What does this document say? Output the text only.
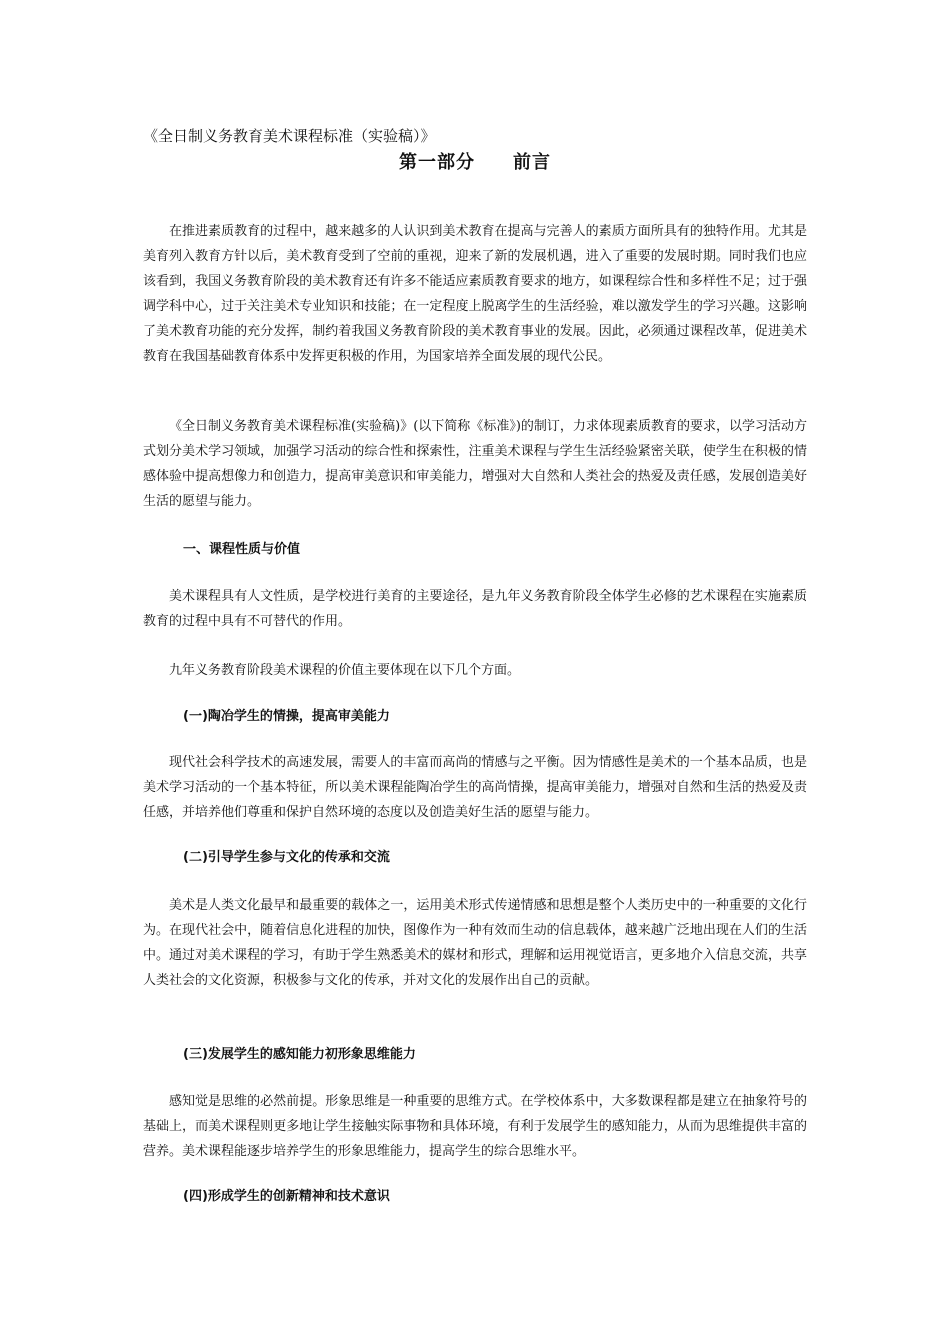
《全日制义务教育美术课程标准（实验稿）》
第一部分　　前言

在推进素质教育的过程中，越来越多的人认识到美术教育在提高与完善人的素质方面所具有的独特作用。尤其是美育列入教育方针以后，美术教育受到了空前的重视，迎来了新的发展机遇，进入了重要的发展时期。同时我们也应该看到，我国义务教育阶段的美术教育还有许多不能适应素质教育要求的地方，如课程综合性和多样性不足；过于强调学科中心，过于关注美术专业知识和技能；在一定程度上脱离学生的生活经验，难以激发学生的学习兴趣。这影响了美术教育功能的充分发挥，制约着我国义务教育阶段的美术教育事业的发展。因此，必须通过课程改革，促进美术教育在我国基础教育体系中发挥更积极的作用，为国家培养全面发展的现代公民。

《全日制义务教育美术课程标准(实验稿)》(以下简称《标准》)的制订，力求体现素质教育的要求，以学习活动方式划分美术学习领域，加强学习活动的综合性和探索性，注重美术课程与学生生活经验紧密关联，使学生在积极的情感体验中提高想像力和创造力，提高审美意识和审美能力，增强对大自然和人类社会的热爱及责任感，发展创造美好生活的愿望与能力。

一、课程性质与价值

美术课程具有人文性质，是学校进行美育的主要途径，是九年义务教育阶段全体学生必修的艺术课程在实施素质教育的过程中具有不可替代的作用。

九年义务教育阶段美术课程的价值主要体现在以下几个方面。

(一)陶冶学生的情操，提高审美能力

现代社会科学技术的高速发展，需要人的丰富而高尚的情感与之平衡。因为情感性是美术的一个基本品质，也是美术学习活动的一个基本特征，所以美术课程能陶冶学生的高尚情操，提高审美能力，增强对自然和生活的热爱及责任感，并培养他们尊重和保护自然环境的态度以及创造美好生活的愿望与能力。

(二)引导学生参与文化的传承和交流

美术是人类文化最早和最重要的载体之一，运用美术形式传递情感和思想是整个人类历史中的一种重要的文化行为。在现代社会中，随着信息化进程的加快，图像作为一种有效而生动的信息载体，越来越广泛地出现在人们的生活中。通过对美术课程的学习，有助于学生熟悉美术的媒材和形式，理解和运用视觉语言，更多地介入信息交流，共享人类社会的文化资源，积极参与文化的传承，并对文化的发展作出自己的贡献。

(三)发展学生的感知能力初形象思维能力

感知觉是思维的必然前提。形象思维是一种重要的思维方式。在学校体系中，大多数课程都是建立在抽象符号的基础上，而美术课程则更多地让学生接触实际事物和具体环境，有利于发展学生的感知能力，从而为思维提供丰富的营养。美术课程能逐步培养学生的形象思维能力，提高学生的综合思维水平。

(四)形成学生的创新精神和技术意识
